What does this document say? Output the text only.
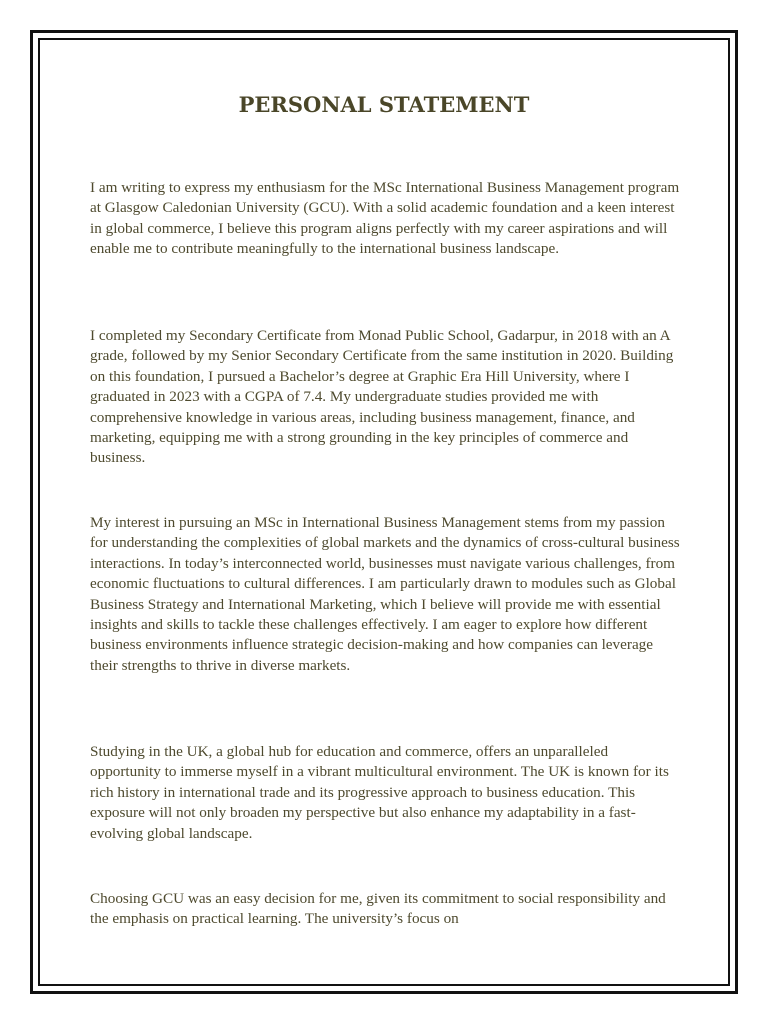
PERSONAL STATEMENT

I am writing to express my enthusiasm for the MSc International Business Management program at Glasgow Caledonian University (GCU). With a solid academic foundation and a keen interest in global commerce, I believe this program aligns perfectly with my career aspirations and will enable me to contribute meaningfully to the international business landscape.

I completed my Secondary Certificate from Monad Public School, Gadarpur, in 2018 with an A grade, followed by my Senior Secondary Certificate from the same institution in 2020. Building on this foundation, I pursued a Bachelor’s degree at Graphic Era Hill University, where I graduated in 2023 with a CGPA of 7.4. My undergraduate studies provided me with comprehensive knowledge in various areas, including business management, finance, and marketing, equipping me with a strong grounding in the key principles of commerce and business.

My interest in pursuing an MSc in International Business Management stems from my passion for understanding the complexities of global markets and the dynamics of cross-cultural business interactions. In today’s interconnected world, businesses must navigate various challenges, from economic fluctuations to cultural differences. I am particularly drawn to modules such as Global Business Strategy and International Marketing, which I believe will provide me with essential insights and skills to tackle these challenges effectively. I am eager to explore how different business environments influence strategic decision-making and how companies can leverage their strengths to thrive in diverse markets.

Studying in the UK, a global hub for education and commerce, offers an unparalleled opportunity to immerse myself in a vibrant multicultural environment. The UK is known for its rich history in international trade and its progressive approach to business education. This exposure will not only broaden my perspective but also enhance my adaptability in a fast-evolving global landscape.

Choosing GCU was an easy decision for me, given its commitment to social responsibility and the emphasis on practical learning. The university’s focus on
